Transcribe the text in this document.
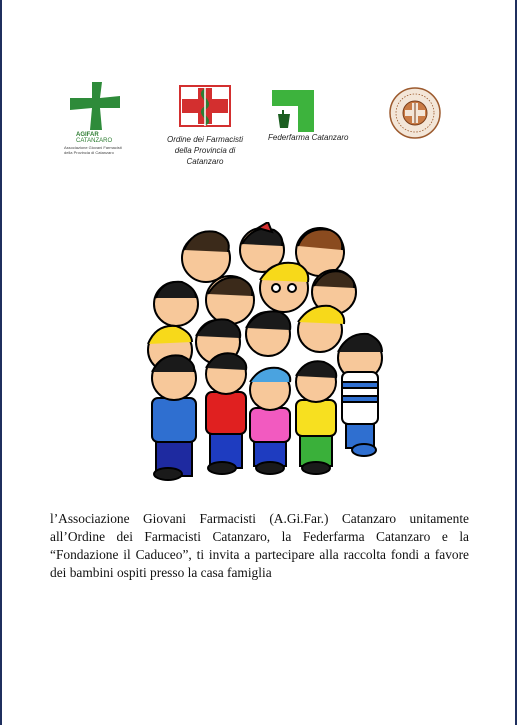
AGIFAR
CATANZARO
Associazione Giovani Farmacisti della Provincia di Catanzaro
Ordine dei Farmacisti
della Provincia di
Catanzaro
Federfarma Catanzaro

l’Associazione Giovani Farmacisti (A.Gi.Far.) Catanzaro unitamente all’Ordine dei Farmacisti Catanzaro, la Federfarma Catanzaro e la “Fondazione il Caduceo”, ti invita a partecipare alla raccolta fondi a favore dei bambini ospiti presso la casa famiglia
